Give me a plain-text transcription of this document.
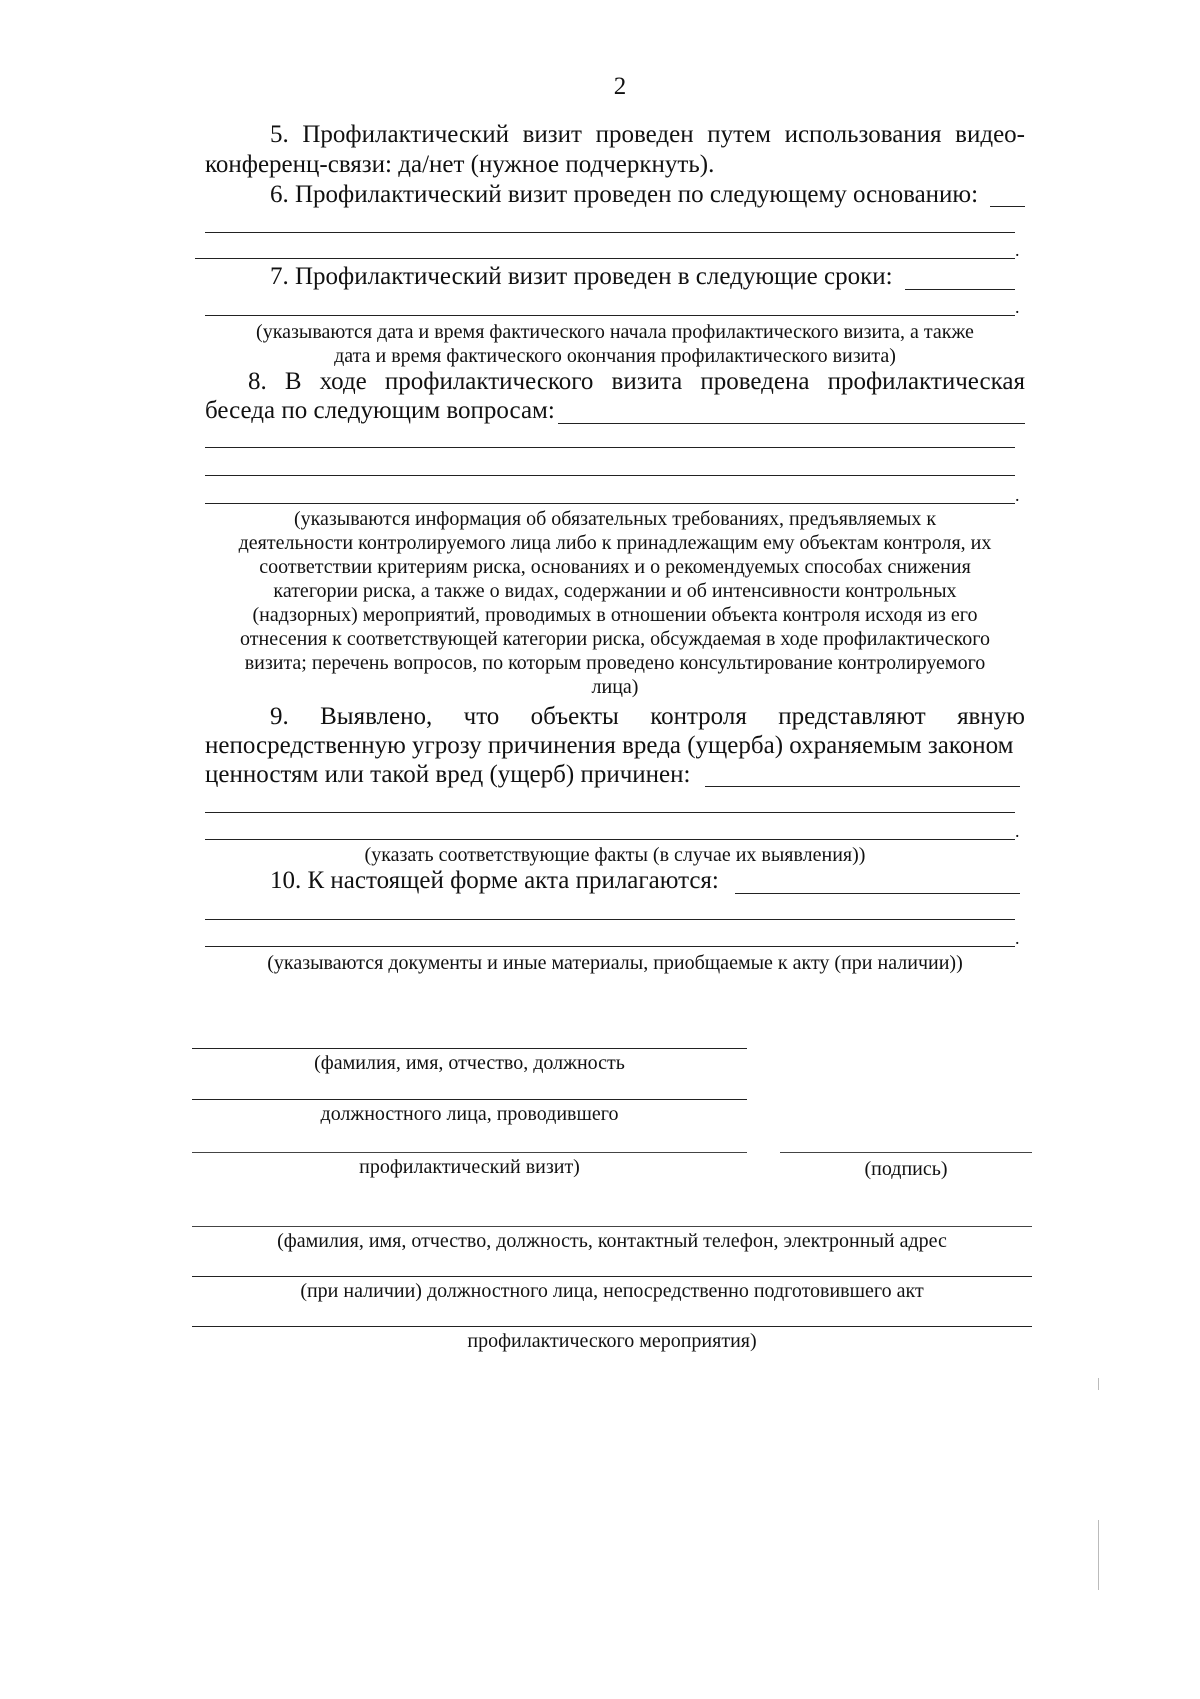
2
5. Профилактический визит проведен путем использования видео-
конференц-связи: да/нет (нужное подчеркнуть).
6. Профилактический визит проведен по следующему основанию:
.
7. Профилактический визит проведен в следующие сроки:
.
(указываются дата и время фактического начала профилактического визита, а также
дата и время фактического окончания профилактического визита)
8. В ходе профилактического визита проведена профилактическая
беседа по следующим вопросам:
.
(указываются информация об обязательных требованиях, предъявляемых к
деятельности контролируемого лица либо к принадлежащим ему объектам контроля, их
соответствии критериям риска, основаниях и о рекомендуемых способах снижения
категории риска, а также о видах, содержании и об интенсивности контрольных
(надзорных) мероприятий, проводимых в отношении объекта контроля исходя из его
отнесения к соответствующей категории риска, обсуждаемая в ходе профилактического
визита; перечень вопросов, по которым проведено консультирование контролируемого
лица)
9. Выявлено, что объекты контроля представляют явную
непосредственную угрозу причинения вреда (ущерба) охраняемым законом
ценностям или такой вред (ущерб) причинен:
.
(указать соответствующие факты (в случае их выявления))
10. К настоящей форме акта прилагаются:
.
(указываются документы и иные материалы, приобщаемые к акту (при наличии))
(фамилия, имя, отчество, должность
должностного лица, проводившего
профилактический визит)	(подпись)
(фамилия, имя, отчество, должность, контактный телефон, электронный адрес
(при наличии) должностного лица, непосредственно подготовившего акт
профилактического мероприятия)
